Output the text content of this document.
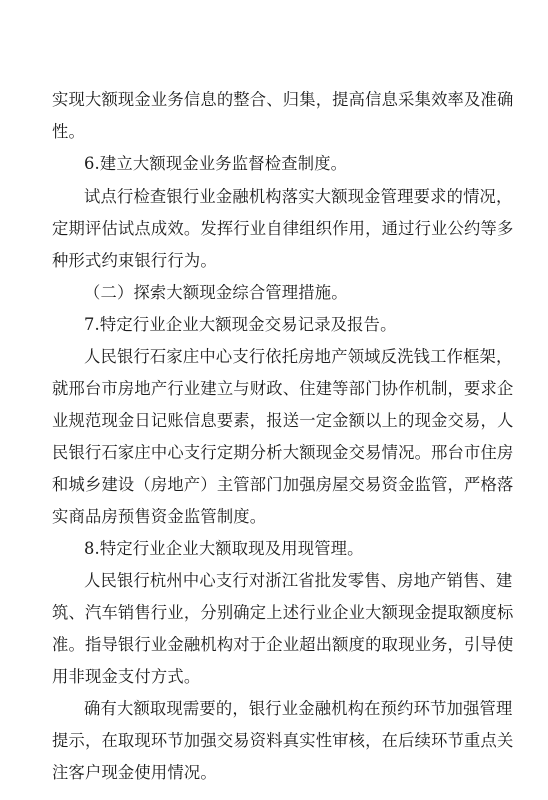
实现大额现金业务信息的整合、归集，提高信息采集效率及准确
性。
6.建立大额现金业务监督检查制度。
试点行检查银行业金融机构落实大额现金管理要求的情况，
定期评估试点成效。发挥行业自律组织作用，通过行业公约等多
种形式约束银行行为。
（二）探索大额现金综合管理措施。
7.特定行业企业大额现金交易记录及报告。
人民银行石家庄中心支行依托房地产领域反洗钱工作框架，
就邢台市房地产行业建立与财政、住建等部门协作机制，要求企
业规范现金日记账信息要素，报送一定金额以上的现金交易，人
民银行石家庄中心支行定期分析大额现金交易情况。邢台市住房
和城乡建设（房地产）主管部门加强房屋交易资金监管，严格落
实商品房预售资金监管制度。
8.特定行业企业大额取现及用现管理。
人民银行杭州中心支行对浙江省批发零售、房地产销售、建
筑、汽车销售行业，分别确定上述行业企业大额现金提取额度标
准。指导银行业金融机构对于企业超出额度的取现业务，引导使
用非现金支付方式。
确有大额取现需要的，银行业金融机构在预约环节加强管理
提示，在取现环节加强交易资料真实性审核，在后续环节重点关
注客户现金使用情况。
